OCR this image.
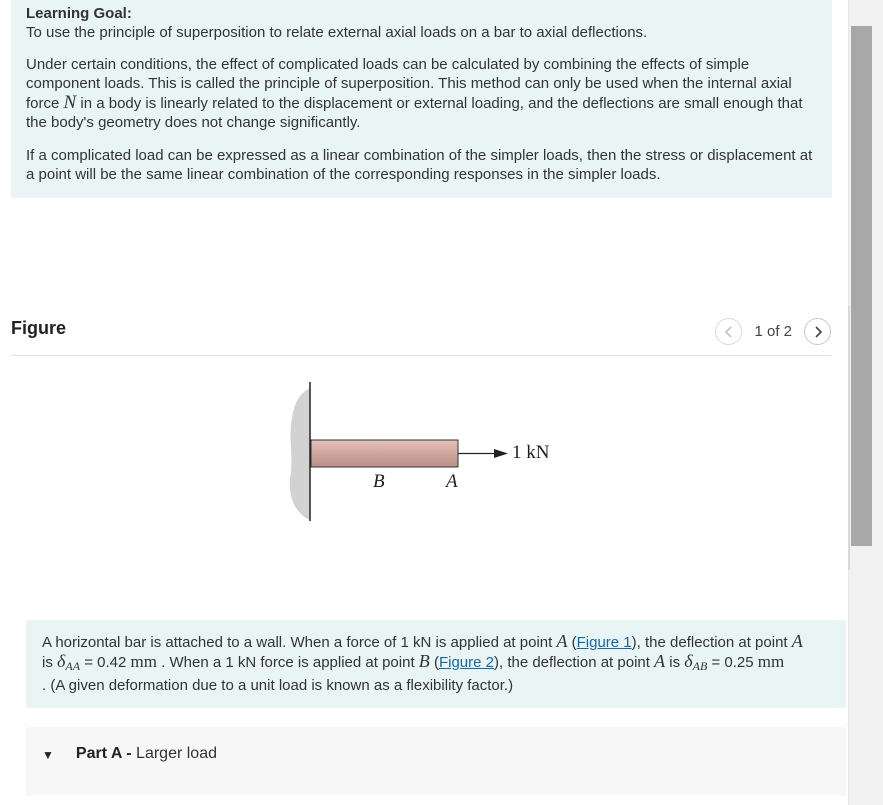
Learning Goal:

To use the principle of superposition to relate external axial loads on a bar to axial deflections.

Under certain conditions, the effect of complicated loads can be calculated by combining the effects of simple component loads. This is called the principle of superposition. This method can only be used when the internal axial force N in a body is linearly related to the displacement or external loading, and the deflections are small enough that the body's geometry does not change significantly.

If a complicated load can be expressed as a linear combination of the simpler loads, then the stress or displacement at a point will be the same linear combination of the corresponding responses in the simpler loads.

Figure	1 of 2
1 kN
B	A

A horizontal bar is attached to a wall. When a force of 1 kN is applied at point A (Figure 1), the deflection at point A
is $\delta_{AA} = 0.42$ mm . When a 1 kN force is applied at point B (Figure 2), the deflection at point A is $\delta_{AB} = 0.25$ mm
. (A given deformation due to a unit load is known as a flexibility factor.)

▼ Part A - Larger load
